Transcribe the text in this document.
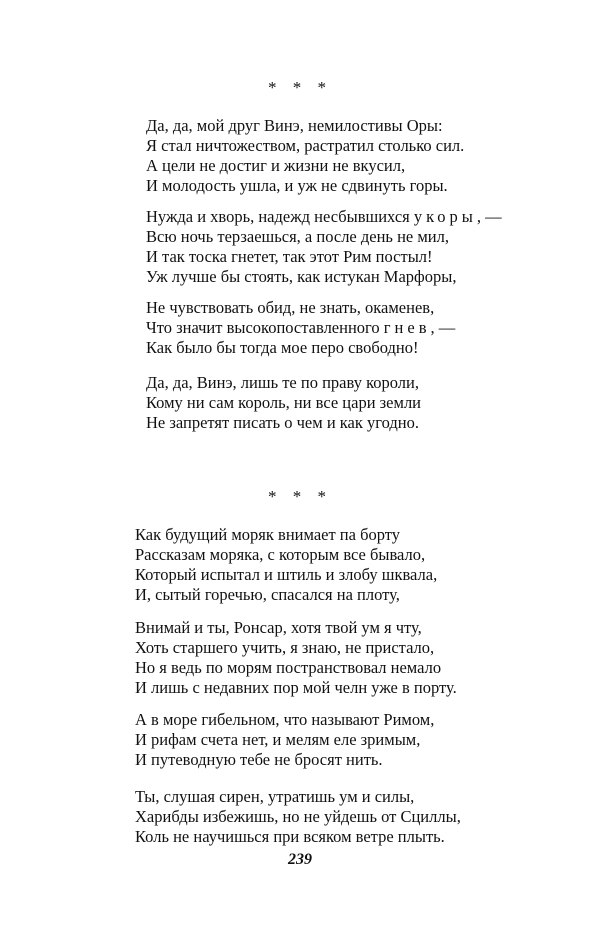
* * *
Да, да, мой друг Винэ, немилостивы Оры:
Я стал ничтожеством, растратил столько сил.
А цели не достиг и жизни не вкусил,
И молодость ушла, и уж не сдвинуть горы.
Нужда и хворь, надежд несбывшихся укоры, —
Всю ночь терзаешься, а после день не мил,
И так тоска гнетет, так этот Рим постыл!
Уж лучше бы стоять, как истукан Марфоры,
Не чувствовать обид, не знать, окаменев,
Что значит высокопоставленного гнев, —
Как было бы тогда мое перо свободно!
Да, да, Винэ, лишь те по праву короли,
Кому ни сам король, ни все цари земли
Не запретят писать о чем и как угодно.
* * *
Как будущий моряк внимает па борту
Рассказам моряка, с которым все бывало,
Который испытал и штиль и злобу шквала,
И, сытый горечью, спасался на плоту,
Внимай и ты, Ронсар, хотя твой ум я чту,
Хоть старшего учить, я знаю, не пристало,
Но я ведь по морям постранствовал немало
И лишь с недавних пор мой челн уже в порту.
А в море гибельном, что называют Римом,
И рифам счета нет, и мелям еле зримым,
И путеводную тебе не бросят нить.
Ты, слушая сирен, утратишь ум и силы,
Харибды избежишь, но не уйдешь от Сциллы,
Коль не научишься при всяком ветре плыть.
239
